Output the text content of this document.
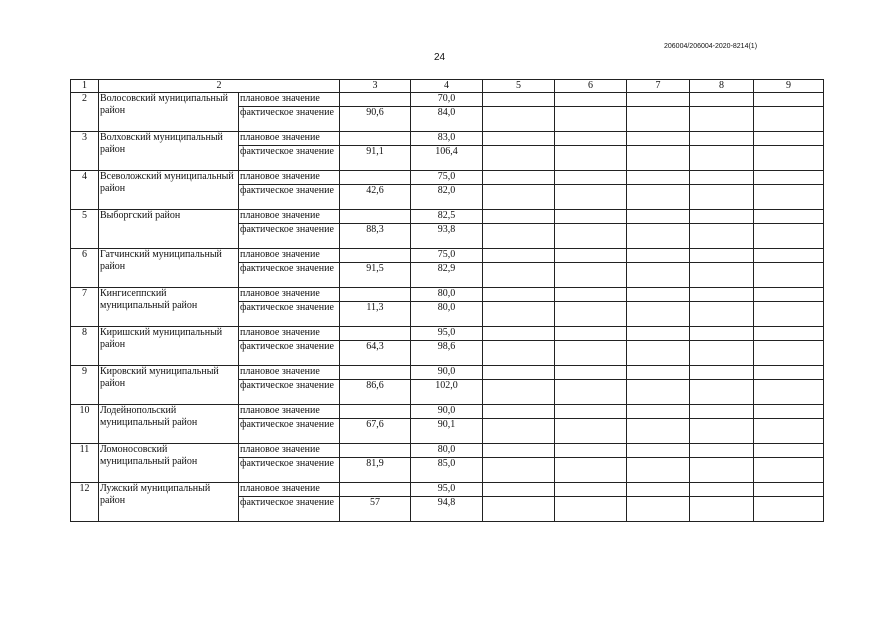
24
206004/206004-2020-8214(1)
1	2		3	4	5	6	7	8	9
2	Волосовский муниципальный район	плановое значение		70,0					
		фактическое значение	90,6	84,0					
3	Волховский муниципальный район	плановое значение		83,0					
		фактическое значение	91,1	106,4					
4	Всеволожский муниципальный район	плановое значение		75,0					
		фактическое значение	42,6	82,0					
5	Выборгский район	плановое значение		82,5					
		фактическое значение	88,3	93,8					
6	Гатчинский муниципальный район	плановое значение		75,0					
		фактическое значение	91,5	82,9					
7	Кингисеппский муниципальный район	плановое значение		80,0					
		фактическое значение	11,3	80,0					
8	Киришский муниципальный район	плановое значение		95,0					
		фактическое значение	64,3	98,6					
9	Кировский муниципальный район	плановое значение		90,0					
		фактическое значение	86,6	102,0					
10	Лодейнопольский муниципальный район	плановое значение		90,0					
		фактическое значение	67,6	90,1					
11	Ломоносовский муниципальный район	плановое значение		80,0					
		фактическое значение	81,9	85,0					
12	Лужский муниципальный район	плановое значение		95,0					
		фактическое значение	57	94,8					
